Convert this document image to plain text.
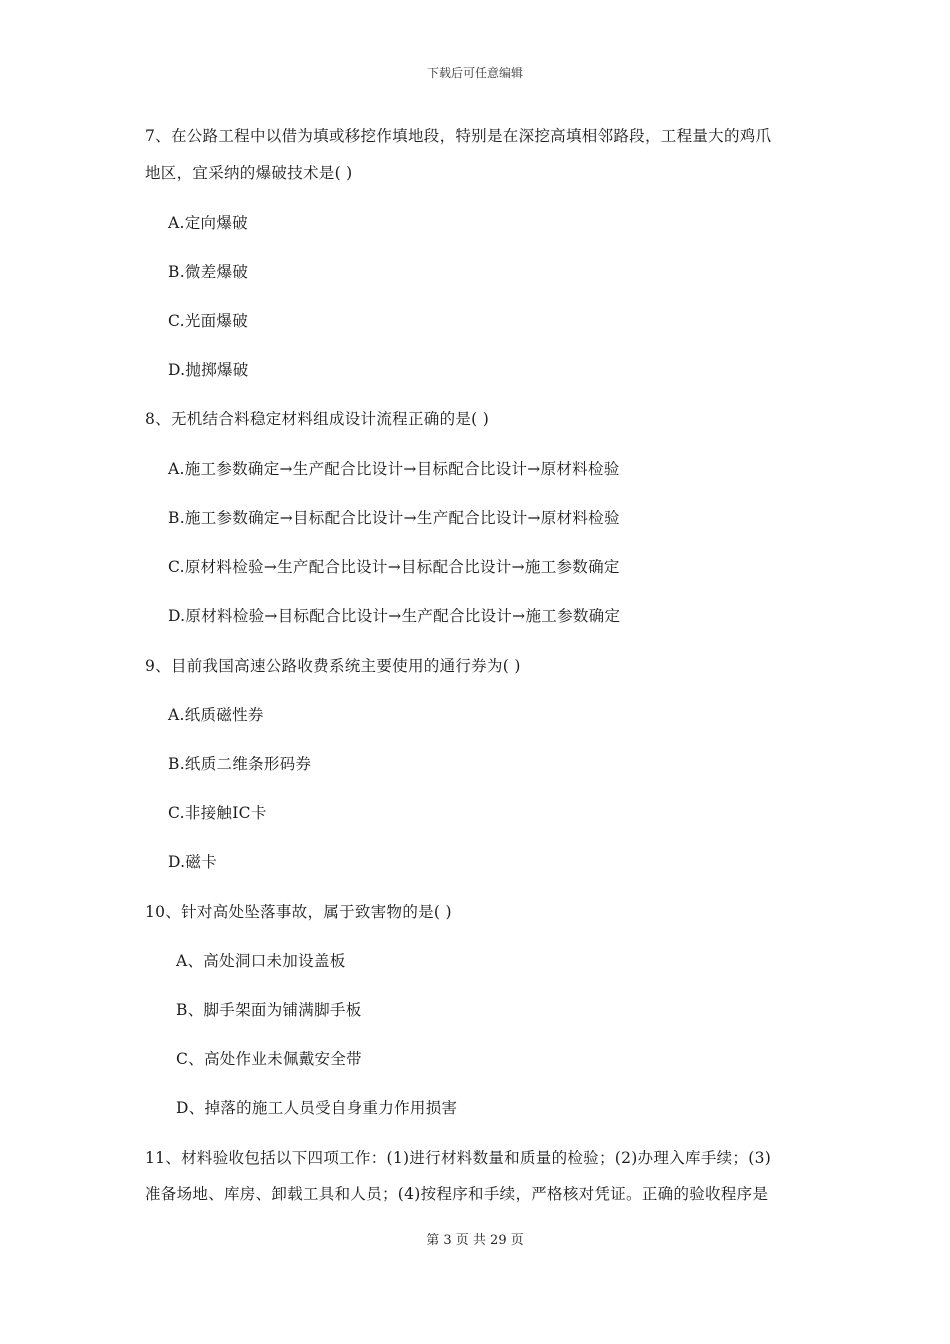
下载后可任意编辑
7、在公路工程中以借为填或移挖作填地段，特别是在深挖高填相邻路段，工程量大的鸡爪
地区，宜采纳的爆破技术是( )
A.定向爆破
B.微差爆破
C.光面爆破
D.抛掷爆破
8、无机结合料稳定材料组成设计流程正确的是( )
A.施工参数确定→生产配合比设计→目标配合比设计→原材料检验
B.施工参数确定→目标配合比设计→生产配合比设计→原材料检验
C.原材料检验→生产配合比设计→目标配合比设计→施工参数确定
D.原材料检验→目标配合比设计→生产配合比设计→施工参数确定
9、目前我国高速公路收费系统主要使用的通行券为( )
A.纸质磁性券
B.纸质二维条形码券
C.非接触IC卡
D.磁卡
10、针对高处坠落事故，属于致害物的是( )
A、高处洞口未加设盖板
B、脚手架面为铺满脚手板
C、高处作业未佩戴安全带
D、掉落的施工人员受自身重力作用损害
11、材料验收包括以下四项工作：(1)进行材料数量和质量的检验；(2)办理入库手续；(3)
准备场地、库房、卸载工具和人员；(4)按程序和手续，严格核对凭证。正确的验收程序是
第 3 页 共 29 页
